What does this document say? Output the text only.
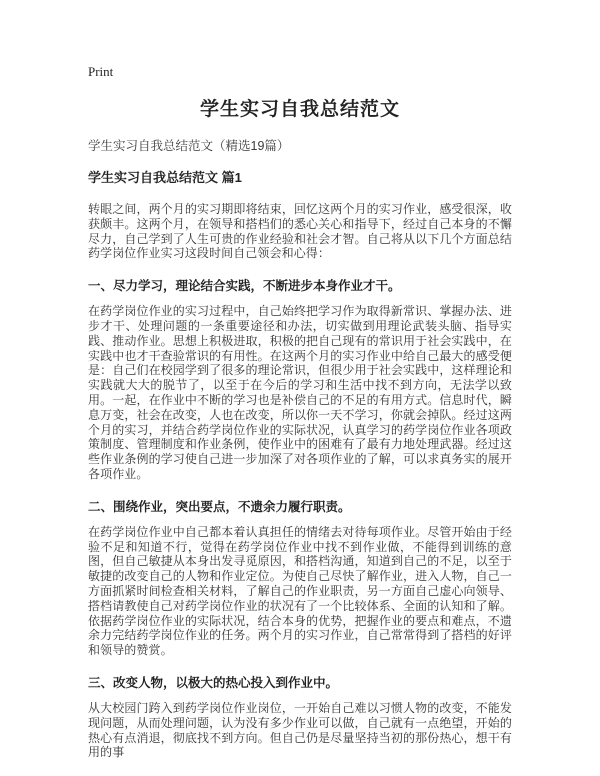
Print
学生实习自我总结范文

学生实习自我总结范文（精选19篇）

学生实习自我总结范文 篇1

转眼之间，两个月的实习期即将结束，回忆这两个月的实习作业，感受很深，收获颇丰。这两个月，在领导和搭档们的悉心关心和指导下，经过自己本身的不懈尽力，自己学到了人生可贵的作业经验和社会才智。自己将从以下几个方面总结药学岗位作业实习这段时间自己领会和心得：

一、尽力学习，理论结合实践，不断进步本身作业才干。

在药学岗位作业的实习过程中，自己始终把学习作为取得新常识、掌握办法、进步才干、处理问题的一条重要途径和办法，切实做到用理论武装头脑、指导实践、推动作业。思想上积极进取，积极的把自己现有的常识用于社会实践中，在实践中也才干查验常识的有用性。在这两个月的实习作业中给自己最大的感受便是：自己们在校园学到了很多的理论常识，但很少用于社会实践中，这样理论和实践就大大的脱节了，以至于在今后的学习和生活中找不到方向，无法学以致用。一起，在作业中不断的学习也是补偿自己的不足的有用方式。信息时代，瞬息万变，社会在改变，人也在改变，所以你一天不学习，你就会掉队。经过这两个月的实习，并结合药学岗位作业的实际状况，认真学习的药学岗位作业各项政策制度、管理制度和作业条例，使作业中的困难有了最有力地处理武器。经过这些作业条例的学习使自己进一步加深了对各项作业的了解，可以求真务实的展开各项作业。

二、围绕作业，突出要点，不遗余力履行职责。

在药学岗位作业中自己都本着认真担任的情绪去对待每项作业。尽管开始由于经验不足和知道不行，觉得在药学岗位作业中找不到作业做，不能得到训练的意图，但自己敏捷从本身出发寻觅原因，和搭档沟通，知道到自己的不足，以至于敏捷的改变自己的人物和作业定位。为使自己尽快了解作业，进入人物，自己一方面抓紧时间检查相关材料，了解自己的作业职责，另一方面自己虚心向领导、搭档请教使自己对药学岗位作业的状况有了一个比较体系、全面的认知和了解。依据药学岗位作业的实际状况，结合本身的优势，把握作业的要点和难点，不遗余力完结药学岗位作业的任务。两个月的实习作业，自己常常得到了搭档的好评和领导的赞赏。

三、改变人物，以极大的热心投入到作业中。

从大校园门跨入到药学岗位作业岗位，一开始自己难以习惯人物的改变，不能发现问题，从而处理问题，认为没有多少作业可以做，自己就有一点绝望，开始的热心有点消退，彻底找不到方向。但自己仍是尽量坚持当初的那份热心，想干有用的事
